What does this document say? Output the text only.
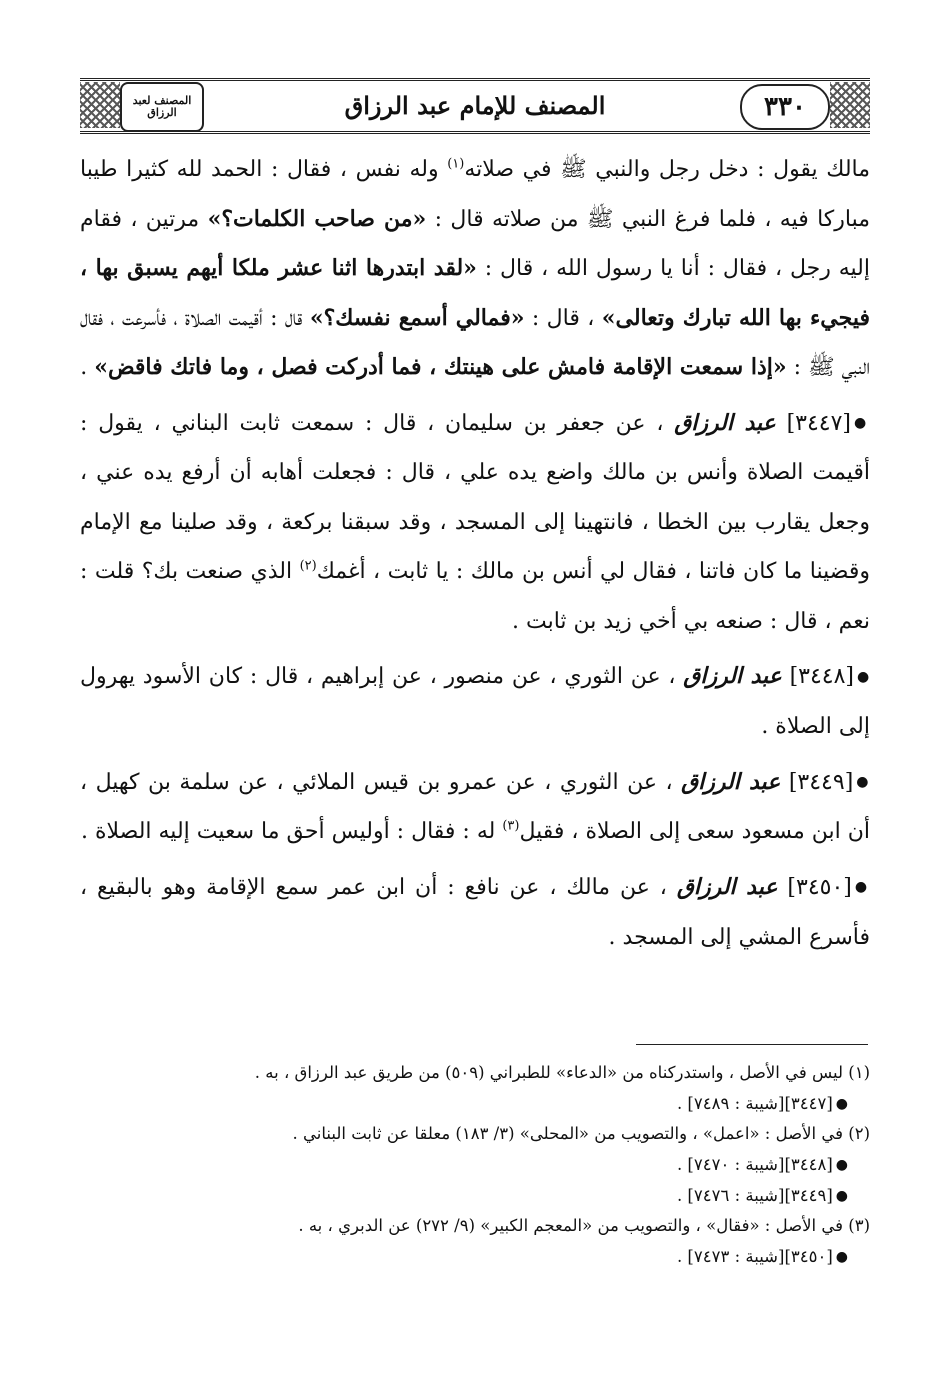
٣٣٠
المصنف للإمام عبد الرزاق
المصنف لعبد الرزاق

مالك يقول : دخل رجل والنبي ﷺ في صلاته$^{(١)}$ وله نفس ، فقال : الحمد لله كثيرا طيبا مباركا فيه ، فلما فرغ النبي ﷺ من صلاته قال : «من صاحب الكلمات؟» مرتين ، فقام إليه رجل ، فقال : أنا يا رسول الله ، قال : «لقد ابتدرها اثنا عشر ملكا أيهم يسبق بها ، فيجيء بها الله تبارك وتعالى» ، قال : «فمالي أسمع نفسك؟» قال : أقيمت الصلاة ، فأسرعت ، فقال النبي ﷺ : «إذا سمعت الإقامة فامش على هينتك ، فما أدركت فصل ، وما فاتك فاقض» .

●[٣٤٤٧] عبد الرزاق ، عن جعفر بن سليمان ، قال : سمعت ثابت البناني ، يقول : أقيمت الصلاة وأنس بن مالك واضع يده علي ، قال : فجعلت أهابه أن أرفع يده عني ، وجعل يقارب بين الخطا ، فانتهينا إلى المسجد ، وقد سبقنا بركعة ، وقد صلينا مع الإمام وقضينا ما كان فاتنا ، فقال لي أنس بن مالك : يا ثابت ، أغمك$^{(٢)}$ الذي صنعت بك؟ قلت : نعم ، قال : صنعه بي أخي زيد بن ثابت .

●[٣٤٤٨] عبد الرزاق ، عن الثوري ، عن منصور ، عن إبراهيم ، قال : كان الأسود يهرول إلى الصلاة .

●[٣٤٤٩] عبد الرزاق ، عن الثوري ، عن عمرو بن قيس الملائي ، عن سلمة بن كهيل ، أن ابن مسعود سعى إلى الصلاة ، فقيل$^{(٣)}$ له : فقال : أوليس أحق ما سعيت إليه الصلاة .

●[٣٤٥٠] عبد الرزاق ، عن مالك ، عن نافع : أن ابن عمر سمع الإقامة وهو بالبقيع ، فأسرع المشي إلى المسجد .

(١) ليس في الأصل ، واستدركناه من «الدعاء» للطبراني (٥٠٩) من طريق عبد الرزاق ، به .
●[٣٤٤٧][شيبة : ٧٤٨٩] .
(٢) في الأصل : «اعمل» ، والتصويب من «المحلى» (٣/ ١٨٣) معلقا عن ثابت البناني .
●[٣٤٤٨][شيبة : ٧٤٧٠] .
●[٣٤٤٩][شيبة : ٧٤٧٦] .
(٣) في الأصل : «فقال» ، والتصويب من «المعجم الكبير» (٩/ ٢٧٢) عن الدبري ، به .
●[٣٤٥٠][شيبة : ٧٤٧٣] .
